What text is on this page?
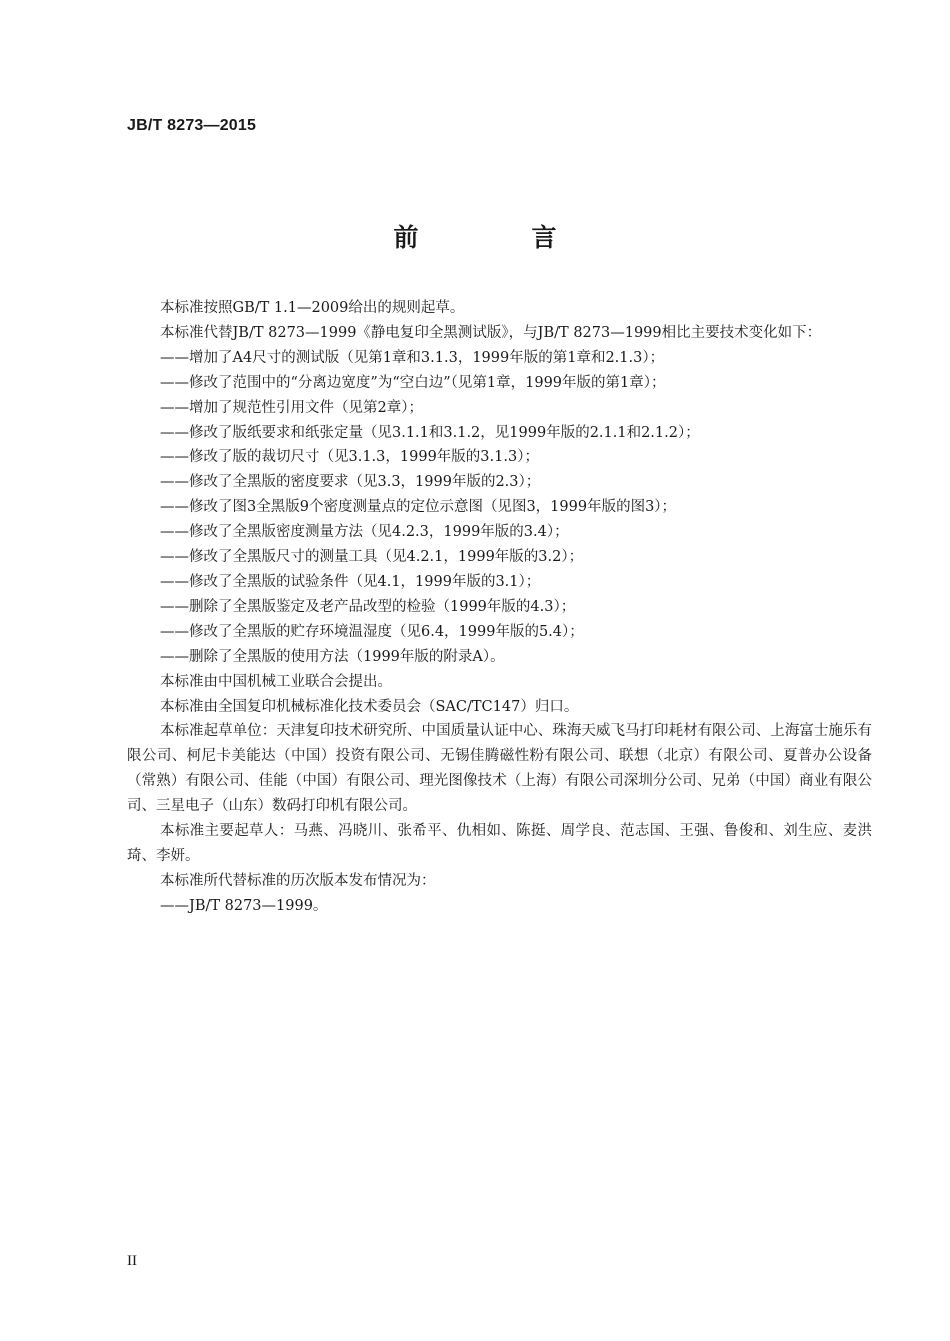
JB/T 8273—2015
前　言

本标准按照GB/T 1.1—2009给出的规则起草。

本标准代替JB/T 8273—1999《静电复印全黑测试版》，与JB/T 8273—1999相比主要技术变化如下：

——增加了A4尺寸的测试版（见第1章和3.1.3，1999年版的第1章和2.1.3）；

——修改了范围中的“分离边宽度”为“空白边”（见第1章，1999年版的第1章）；

——增加了规范性引用文件（见第2章）；

——修改了版纸要求和纸张定量（见3.1.1和3.1.2，见1999年版的2.1.1和2.1.2）；

——修改了版的裁切尺寸（见3.1.3，1999年版的3.1.3）；

——修改了全黑版的密度要求（见3.3，1999年版的2.3）；

——修改了图3全黑版9个密度测量点的定位示意图（见图3，1999年版的图3）；

——修改了全黑版密度测量方法（见4.2.3，1999年版的3.4）；

——修改了全黑版尺寸的测量工具（见4.2.1，1999年版的3.2）；

——修改了全黑版的试验条件（见4.1，1999年版的3.1）；

——删除了全黑版鉴定及老产品改型的检验（1999年版的4.3）；

——修改了全黑版的贮存环境温湿度（见6.4，1999年版的5.4）；

——删除了全黑版的使用方法（1999年版的附录A）。

本标准由中国机械工业联合会提出。

本标准由全国复印机械标准化技术委员会（SAC/TC147）归口。

本标准起草单位：天津复印技术研究所、中国质量认证中心、珠海天威飞马打印耗材有限公司、上海富士施乐有限公司、柯尼卡美能达（中国）投资有限公司、无锡佳腾磁性粉有限公司、联想（北京）有限公司、夏普办公设备（常熟）有限公司、佳能（中国）有限公司、理光图像技术（上海）有限公司深圳分公司、兄弟（中国）商业有限公司、三星电子（山东）数码打印机有限公司。

本标准主要起草人：马燕、冯晓川、张希平、仇相如、陈挺、周学良、范志国、王强、鲁俊和、刘生应、麦洪琦、李妍。

本标准所代替标准的历次版本发布情况为：

——JB/T 8273—1999。

II
